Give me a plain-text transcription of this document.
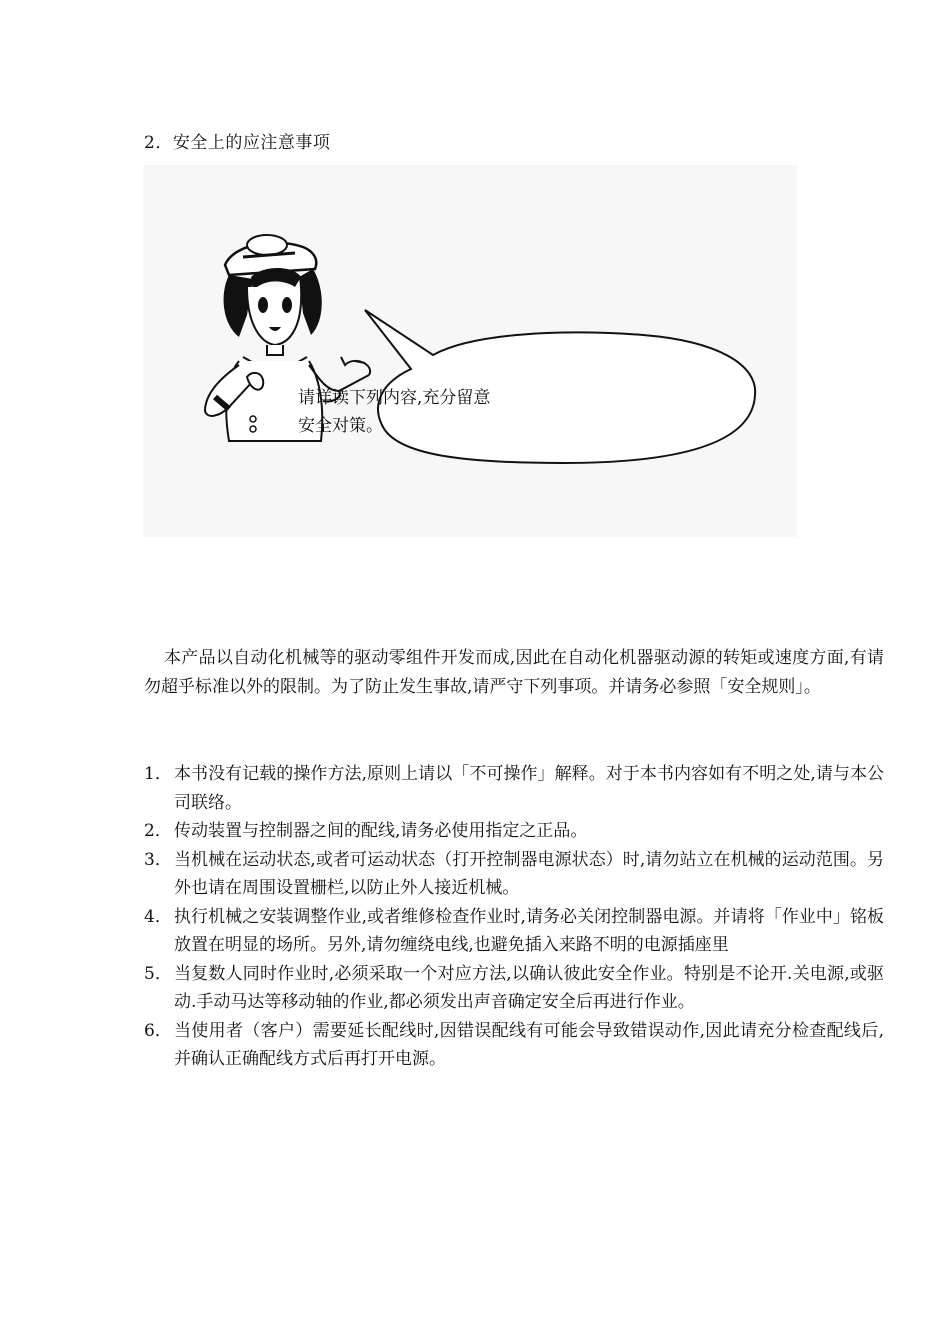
2．安全上的应注意事项
请详读下列内容,充分留意
安全对策。

本产品以自动化机械等的驱动零组件开发而成,因此在自动化机器驱动源的转矩或速度方面,有请勿超乎标准以外的限制。为了防止发生事故,请严守下列事项。并请务必参照「安全规则」。

1． 本书没有记载的操作方法,原则上请以「不可操作」解释。对于本书内容如有不明之处,请与本公司联络。
2． 传动装置与控制器之间的配线,请务必使用指定之正品。
3． 当机械在运动状态,或者可运动状态（打开控制器电源状态）时,请勿站立在机械的运动范围。另外也请在周围设置栅栏,以防止外人接近机械。
4． 执行机械之安装调整作业,或者维修检查作业时,请务必关闭控制器电源。并请将「作业中」铭板放置在明显的场所。另外,请勿缠绕电线,也避免插入来路不明的电源插座里
5． 当复数人同时作业时,必须采取一个对应方法,以确认彼此安全作业。特别是不论开.关电源,或驱动.手动马达等移动轴的作业,都必须发出声音确定安全后再进行作业。
6． 当使用者（客户）需要延长配线时,因错误配线有可能会导致错误动作,因此请充分检查配线后,并确认正确配线方式后再打开电源。
